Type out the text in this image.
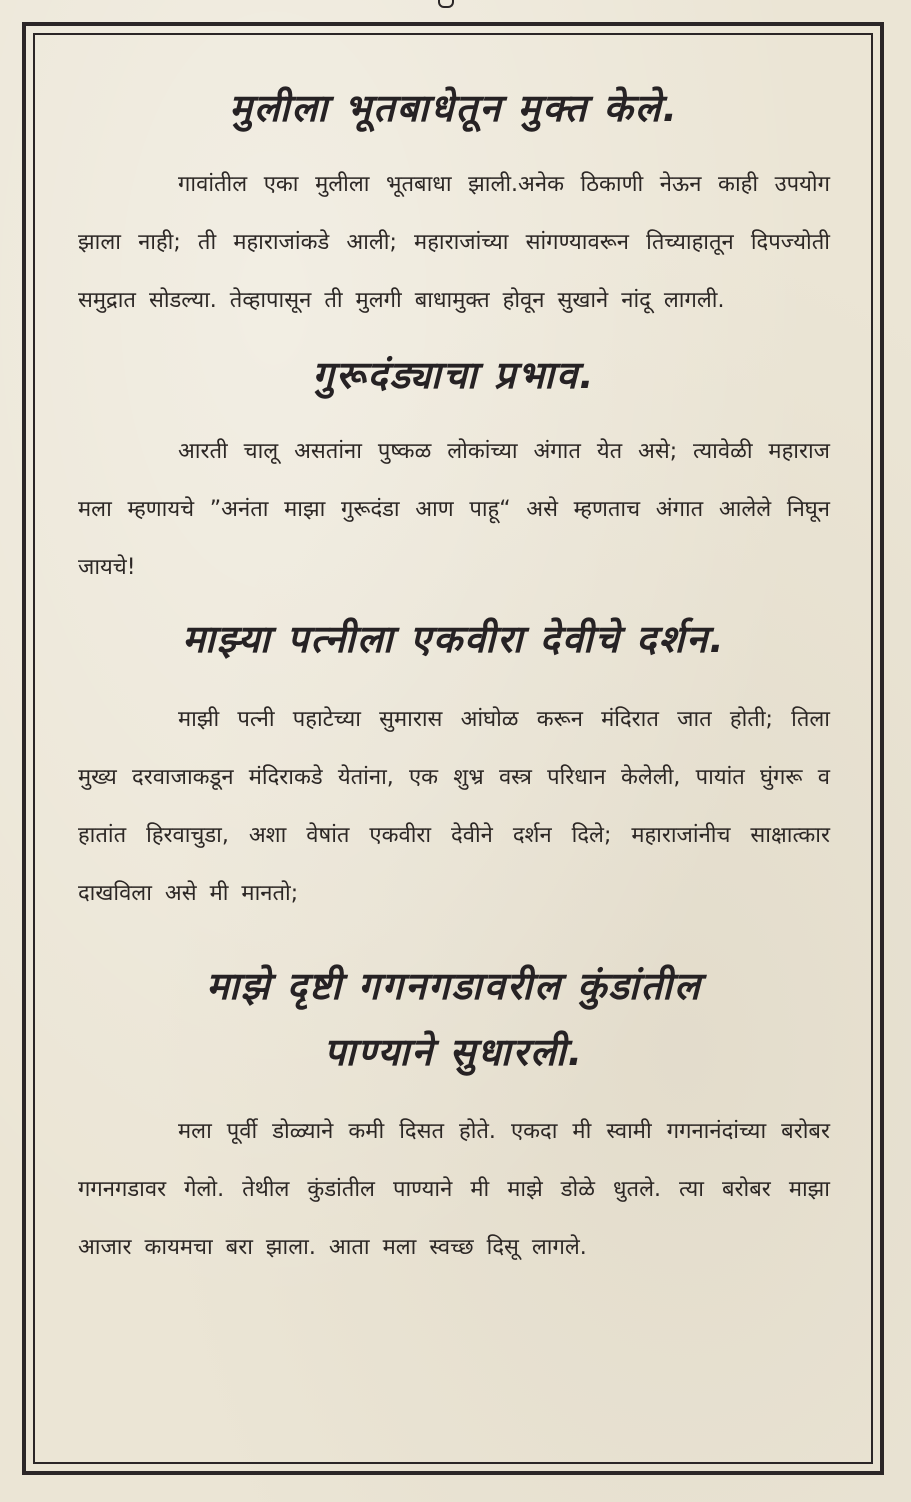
मुलीला भूतबाधेतून मुक्त केले.

गावांतील एका मुलीला भूतबाधा झाली.अनेक ठिकाणी नेऊन काही उपयोग झाला नाही; ती महाराजांकडे आली; महाराजांच्या सांगण्यावरून तिच्याहातून दिपज्योती समुद्रात सोडल्या. तेव्हापासून ती मुलगी बाधामुक्त होवून सुखाने नांदू लागली.

गुरूदंड्याचा प्रभाव.

आरती चालू असतांना पुष्कळ लोकांच्या अंगात येत असे; त्यावेळी महाराज मला म्हणायचे ”अनंता माझा गुरूदंडा आण पाहू“ असे म्हणताच अंगात आलेले निघून जायचे!

माझ्या पत्नीला एकवीरा देवीचे दर्शन.

माझी पत्नी पहाटेच्या सुमारास आंघोळ करून मंदिरात जात होती; तिला मुख्य दरवाजाकडून मंदिराकडे येतांना, एक शुभ्र वस्त्र परिधान केलेली, पायांत घुंगरू व हातांत हिरवाचुडा, अशा वेषांत एकवीरा देवीने दर्शन दिले; महाराजांनीच साक्षात्कार दाखविला असे मी मानतो;

माझे दृष्टी गगनगडावरील कुंडांतील
पाण्याने सुधारली.

मला पूर्वी डोळ्याने कमी दिसत होते. एकदा मी स्वामी गगनानंदांच्या बरोबर गगनगडावर गेलो. तेथील कुंडांतील पाण्याने मी माझे डोळे धुतले. त्या बरोबर माझा आजार कायमचा बरा झाला. आता मला स्वच्छ दिसू लागले.
